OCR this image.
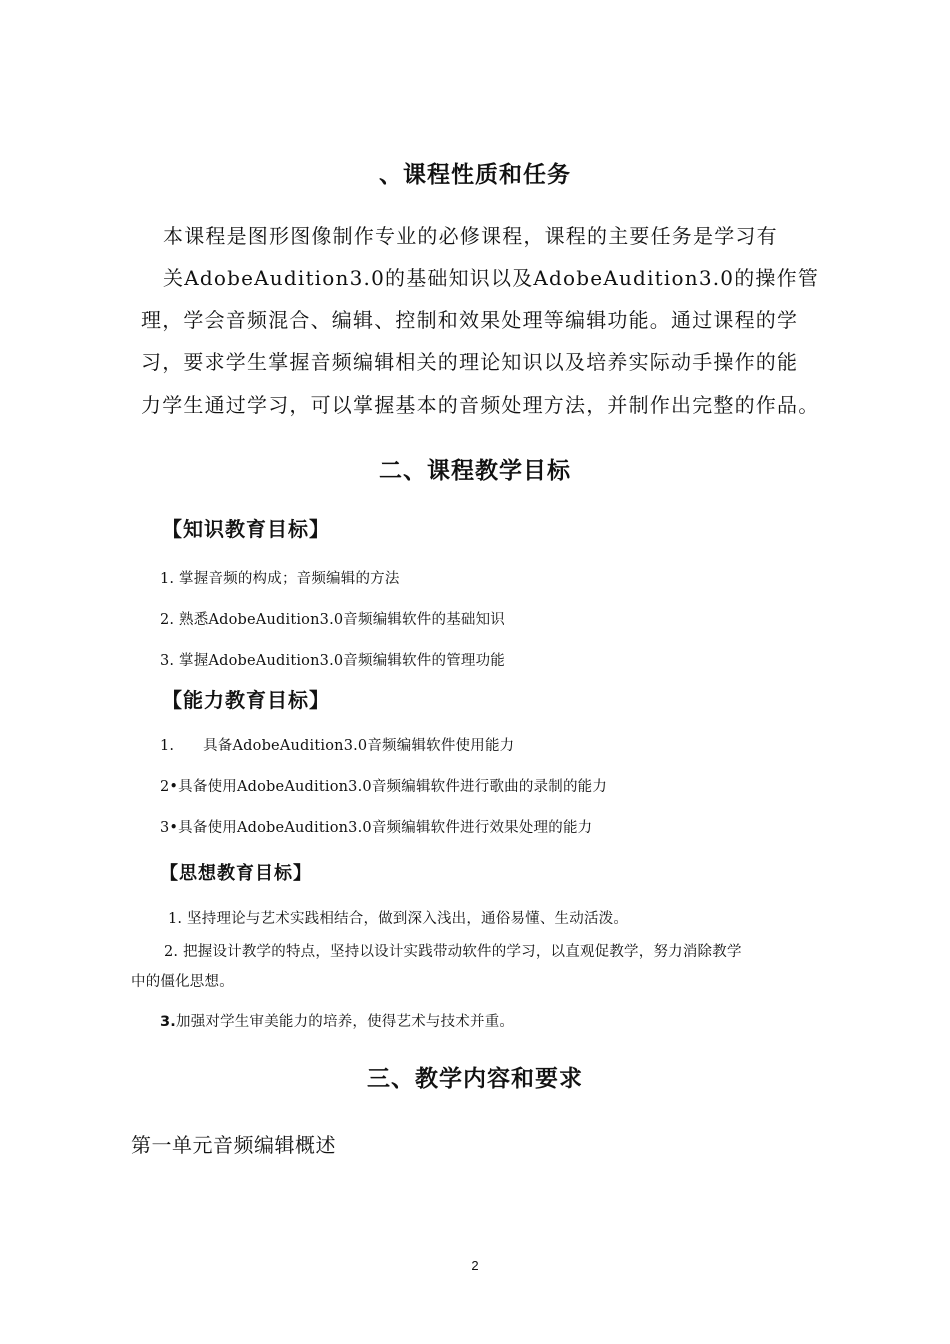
、课程性质和任务

本课程是图形图像制作专业的必修课程，课程的主要任务是学习有

关AdobeAudition3.0的基础知识以及AdobeAudition3.0的操作管

理，学会音频混合、编辑、控制和效果处理等编辑功能。通过课程的学

习，要求学生掌握音频编辑相关的理论知识以及培养实际动手操作的能

力学生通过学习，可以掌握基本的音频处理方法，并制作出完整的作品。

二、课程教学目标
【知识教育目标】

1. 掌握音频的构成；音频编辑的方法

2. 熟悉AdobeAudition3.0音频编辑软件的基础知识

3. 掌握AdobeAudition3.0音频编辑软件的管理功能

【能力教育目标】

1.      具备AdobeAudition3.0音频编辑软件使用能力

2•具备使用AdobeAudition3.0音频编辑软件进行歌曲的录制的能力

3•具备使用AdobeAudition3.0音频编辑软件进行效果处理的能力

【思想教育目标】

1. 坚持理论与艺术实践相结合，做到深入浅出，通俗易懂、生动活泼。

2. 把握设计教学的特点，坚持以设计实践带动软件的学习，以直观促教学，努力消除教学

中的僵化思想。

3.加强对学生审美能力的培养，使得艺术与技术并重。

三、教学内容和要求

第一单元音频编辑概述

2
